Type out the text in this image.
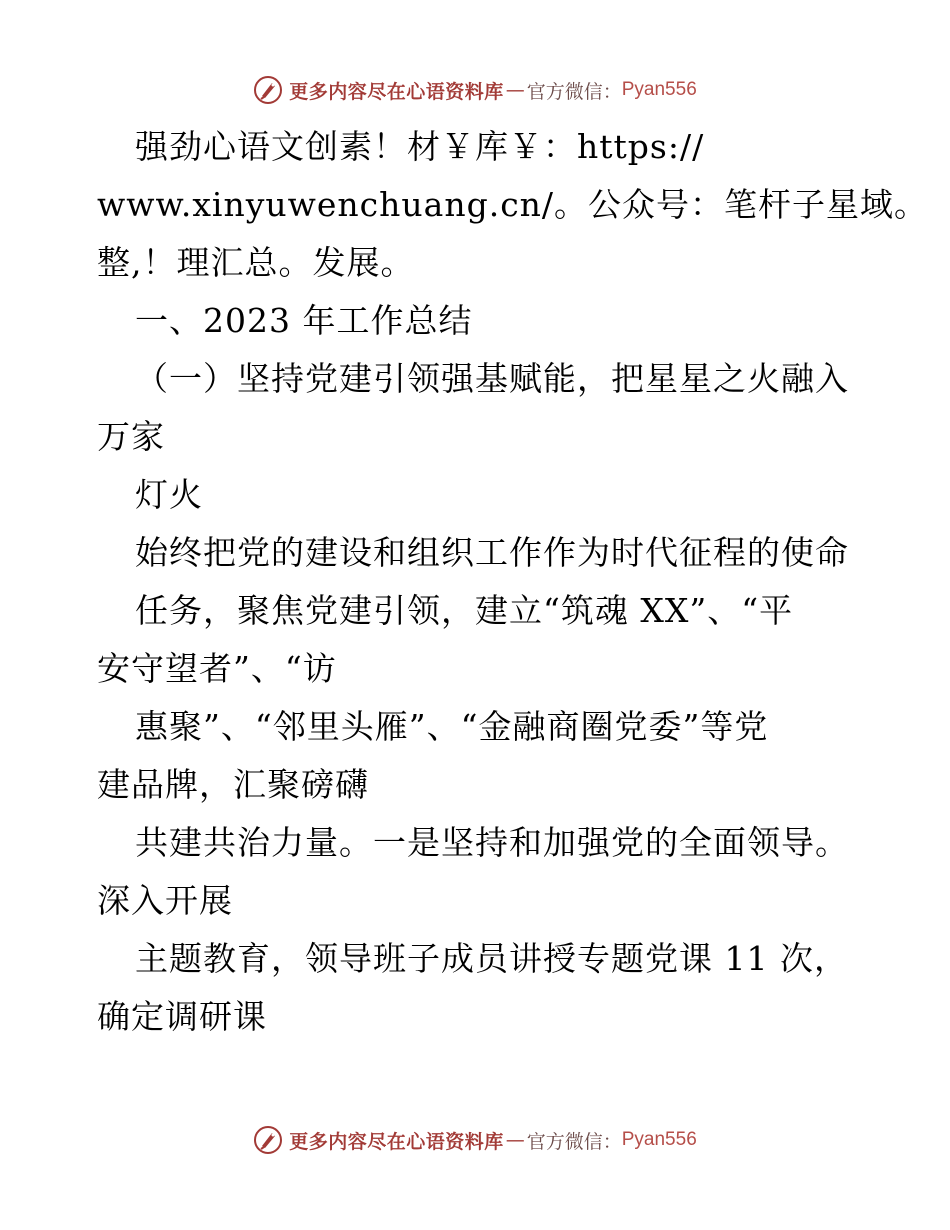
更多内容尽在心语资料库 — 官方微信： Pyan556
强劲心语文创素！材￥库￥：https://
www.xinyuwenchuang.cn/。公众号：笔杆子星域。
整,！理汇总。发展。
一、2023 年工作总结
（一）坚持党建引领强基赋能，把星星之火融入
万家
灯火
始终把党的建设和组织工作作为时代征程的使命
任务，聚焦党建引领，建立“筑魂 XX”、“平
安守望者”、“访
惠聚”、“邻里头雁”、“金融商圈党委”等党
建品牌，汇聚磅礴
共建共治力量。一是坚持和加强党的全面领导。
深入开展
主题教育，领导班子成员讲授专题党课 11 次，
确定调研课
更多内容尽在心语资料库 — 官方微信： Pyan556
